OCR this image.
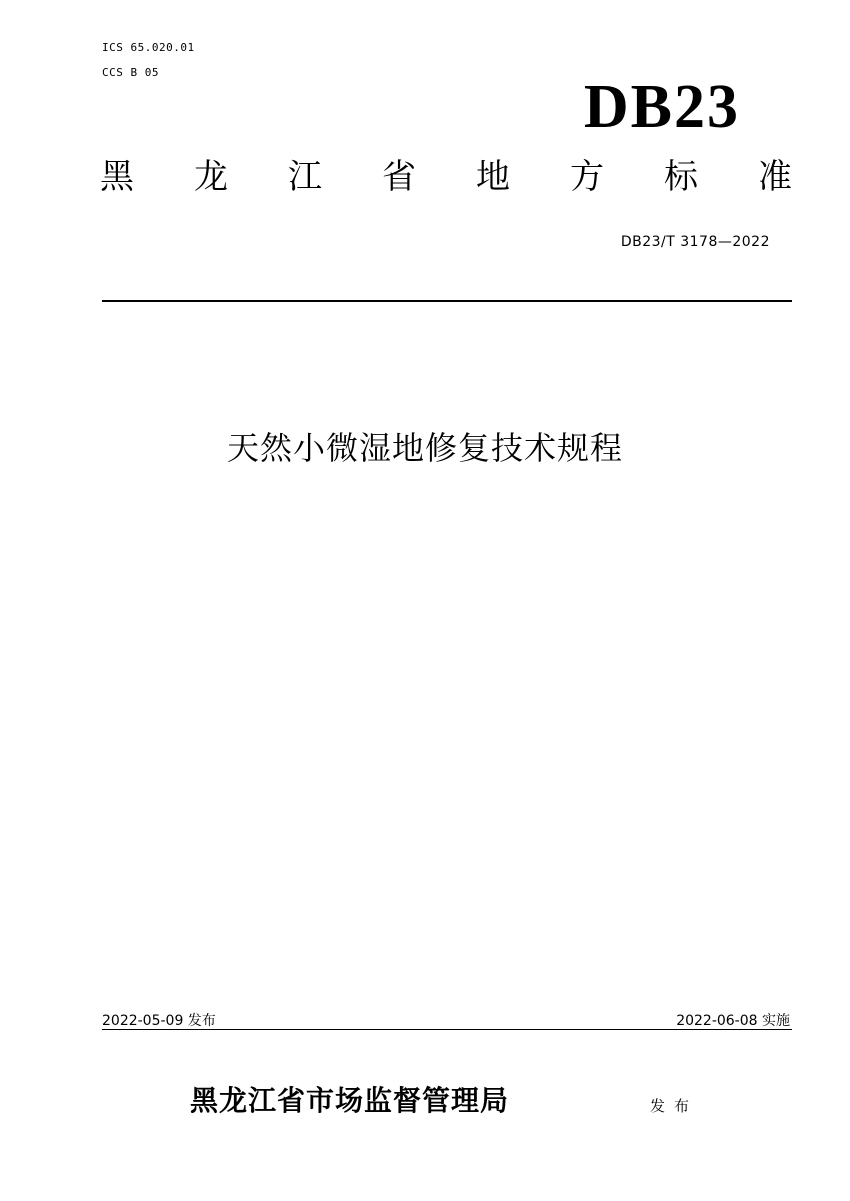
ICS 65.020.01
CCS B 05
DB23
黑 龙 江 省 地 方 标 准
DB23/T 3178—2022
天然小微湿地修复技术规程
2022-05-09 发布	2022-06-08 实施
黑龙江省市场监督管理局	发布
